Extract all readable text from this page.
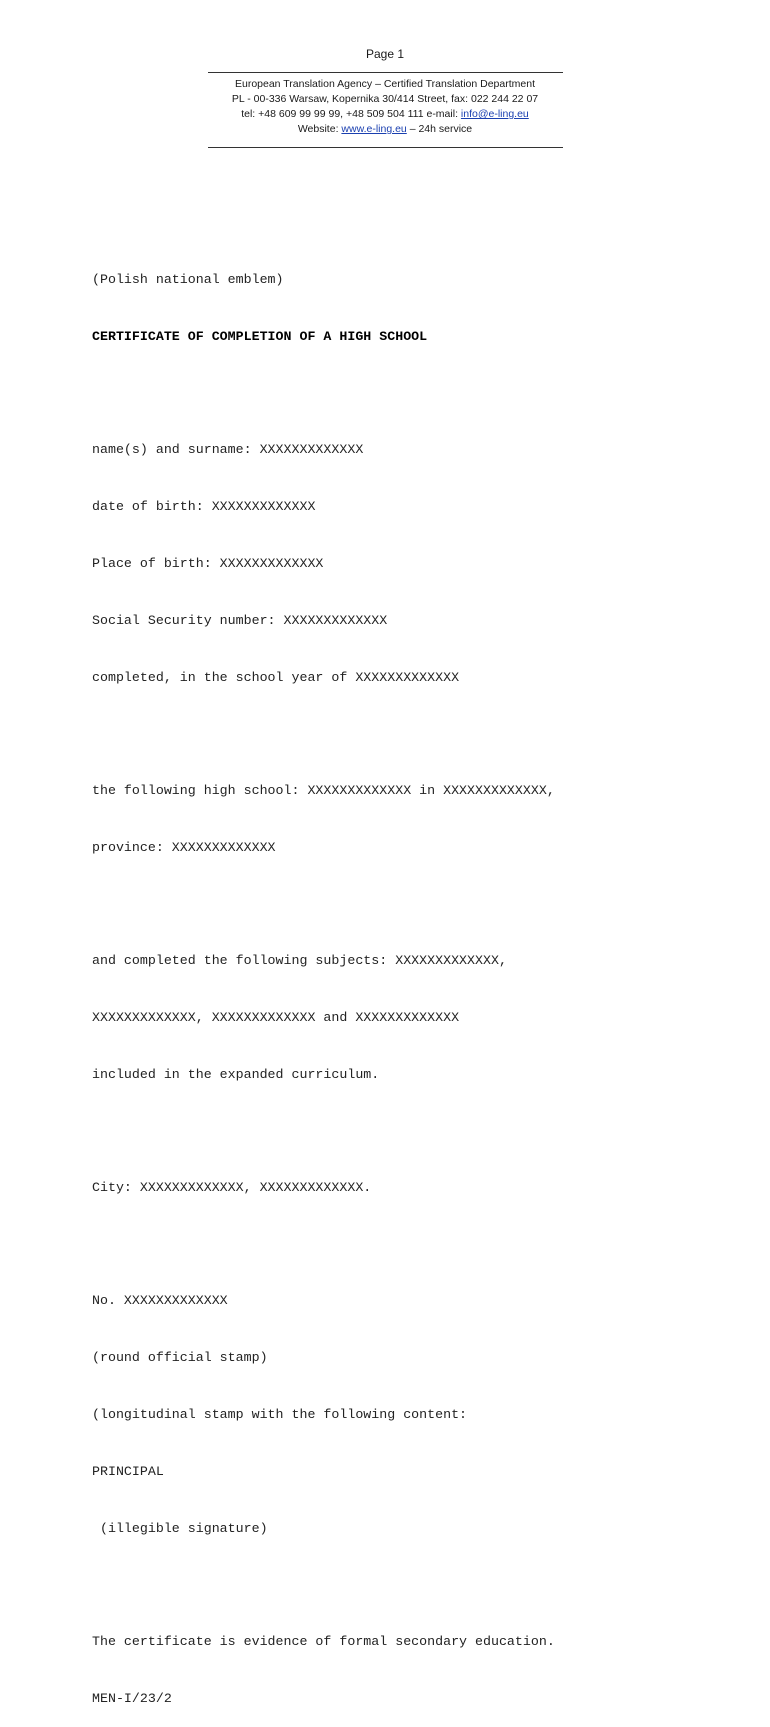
Page 1
European Translation Agency – Certified Translation Department
PL - 00-336 Warsaw, Kopernika 30/414 Street, fax: 022 244 22 07
tel: +48 609 99 99 99, +48 509 504 111 e-mail: info@e-ling.eu
Website: www.e-ling.eu – 24h service

(Polish national emblem)

CERTIFICATE OF COMPLETION OF A HIGH SCHOOL

name(s) and surname: XXXXXXXXXXXXX

date of birth: XXXXXXXXXXXXX

Place of birth: XXXXXXXXXXXXX

Social Security number: XXXXXXXXXXXXX

completed, in the school year of XXXXXXXXXXXXX

the following high school: XXXXXXXXXXXXX in XXXXXXXXXXXXX,

province: XXXXXXXXXXXXX

and completed the following subjects: XXXXXXXXXXXXX,

XXXXXXXXXXXXX, XXXXXXXXXXXXX and XXXXXXXXXXXXX

included in the expanded curriculum.

City: XXXXXXXXXXXXX, XXXXXXXXXXXXX.

No. XXXXXXXXXXXXX

(round official stamp)

(longitudinal stamp with the following content:

PRINCIPAL

(illegible signature)

The certificate is evidence of formal secondary education.

MEN-I/23/2
